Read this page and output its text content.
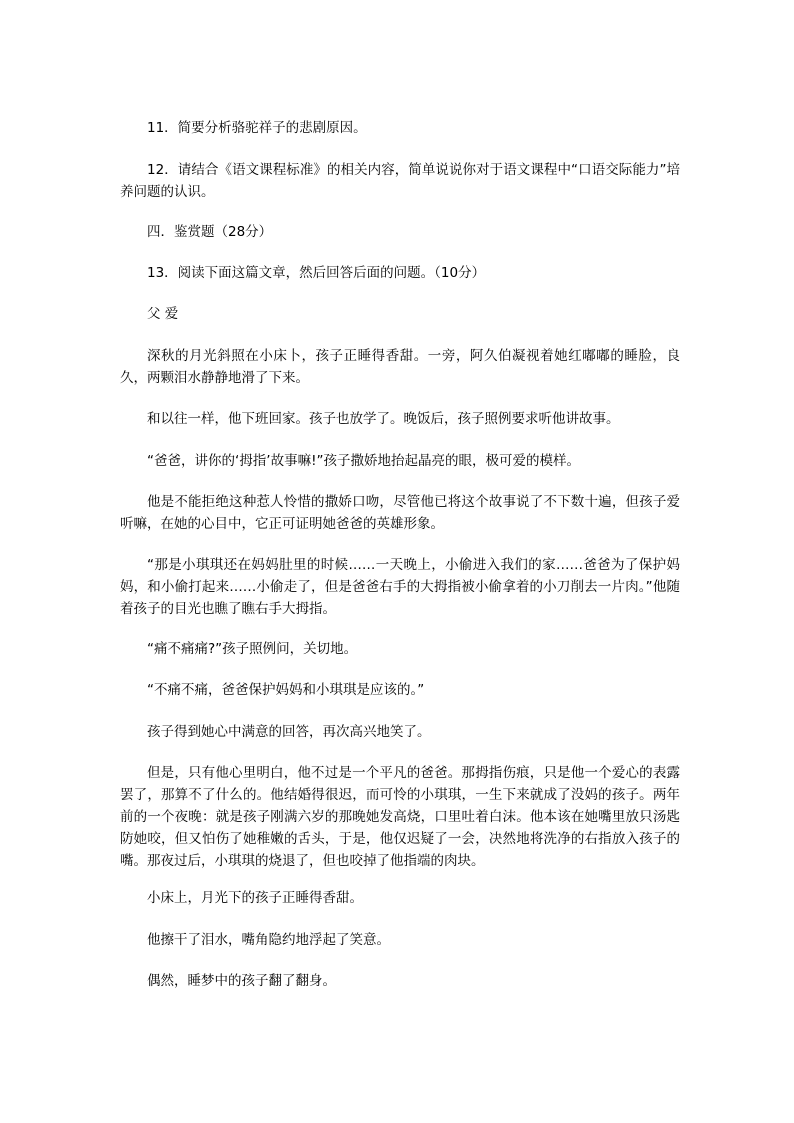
11．简要分析骆驼祥子的悲剧原因。

12．请结合《语文课程标准》的相关内容，简单说说你对于语文课程中“口语交际能力”培养问题的认识。

四．鉴赏题（28分）

13．阅读下面这篇文章，然后回答后面的问题。（10分）

父 爱

深秋的月光斜照在小床卜，孩子正睡得香甜。一旁，阿久伯凝视着她红嘟嘟的睡脸，良久，两颗泪水静静地滑了下来。

和以往一样，他下班回家。孩子也放学了。晚饭后，孩子照例要求听他讲故事。

“爸爸，讲你的‘拇指’故事嘛!”孩子撒娇地抬起晶亮的眼，极可爱的模样。

他是不能拒绝这种惹人怜惜的撒娇口吻，尽管他已将这个故事说了不下数十遍，但孩子爱听嘛，在她的心目中，它正可证明她爸爸的英雄形象。

“那是小琪琪还在妈妈肚里的时候……一天晚上，小偷进入我们的家……爸爸为了保护妈妈，和小偷打起来……小偷走了，但是爸爸右手的大拇指被小偷拿着的小刀削去一片肉。”他随着孩子的目光也瞧了瞧右手大拇指。

“痛不痛痛?”孩子照例问，关切地。

“不痛不痛，爸爸保护妈妈和小琪琪是应该的。”

孩子得到她心中满意的回答，再次高兴地笑了。

但是，只有他心里明白，他不过是一个平凡的爸爸。那拇指伤痕，只是他一个爱心的表露罢了，那算不了什么的。他结婚得很迟，而可怜的小琪琪，一生下来就成了没妈的孩子。两年前的一个夜晚：就是孩子刚满六岁的那晚她发高烧，口里吐着白沫。他本该在她嘴里放只汤匙防她咬，但又怕伤了她稚嫩的舌头，于是，他仅迟疑了一会，决然地将洗净的右指放入孩子的嘴。那夜过后，小琪琪的烧退了，但也咬掉了他指端的肉块。

小床上，月光下的孩子正睡得香甜。

他擦干了泪水，嘴角隐约地浮起了笑意。

偶然，睡梦中的孩子翻了翻身。
